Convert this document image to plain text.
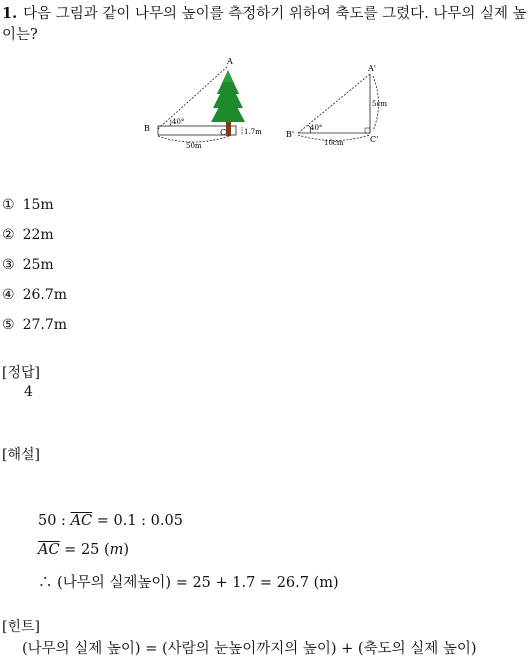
1. 다음 그림과 같이 나무의 높이를 측정하기 위하여 축도를 그렸다. 나무의 실제 높이는?
A
B	C
40°
1.7m
50m
A'
B'
C'
40°
5cm
10cm
① 15m
② 22m
③ 25m
④ 26.7m
⑤ 27.7m
[정답]
4
[해설]
50 : $\overline{AC} = 0.1$ : 0.05
$\overline{AC} = 25$ (m)
∴ (나무의 실제높이) = 25 + 1.7 = 26.7 (m)
[힌트]
(나무의 실제 높이) = (사람의 눈높이까지의 높이) + (축도의 실제 높이)
